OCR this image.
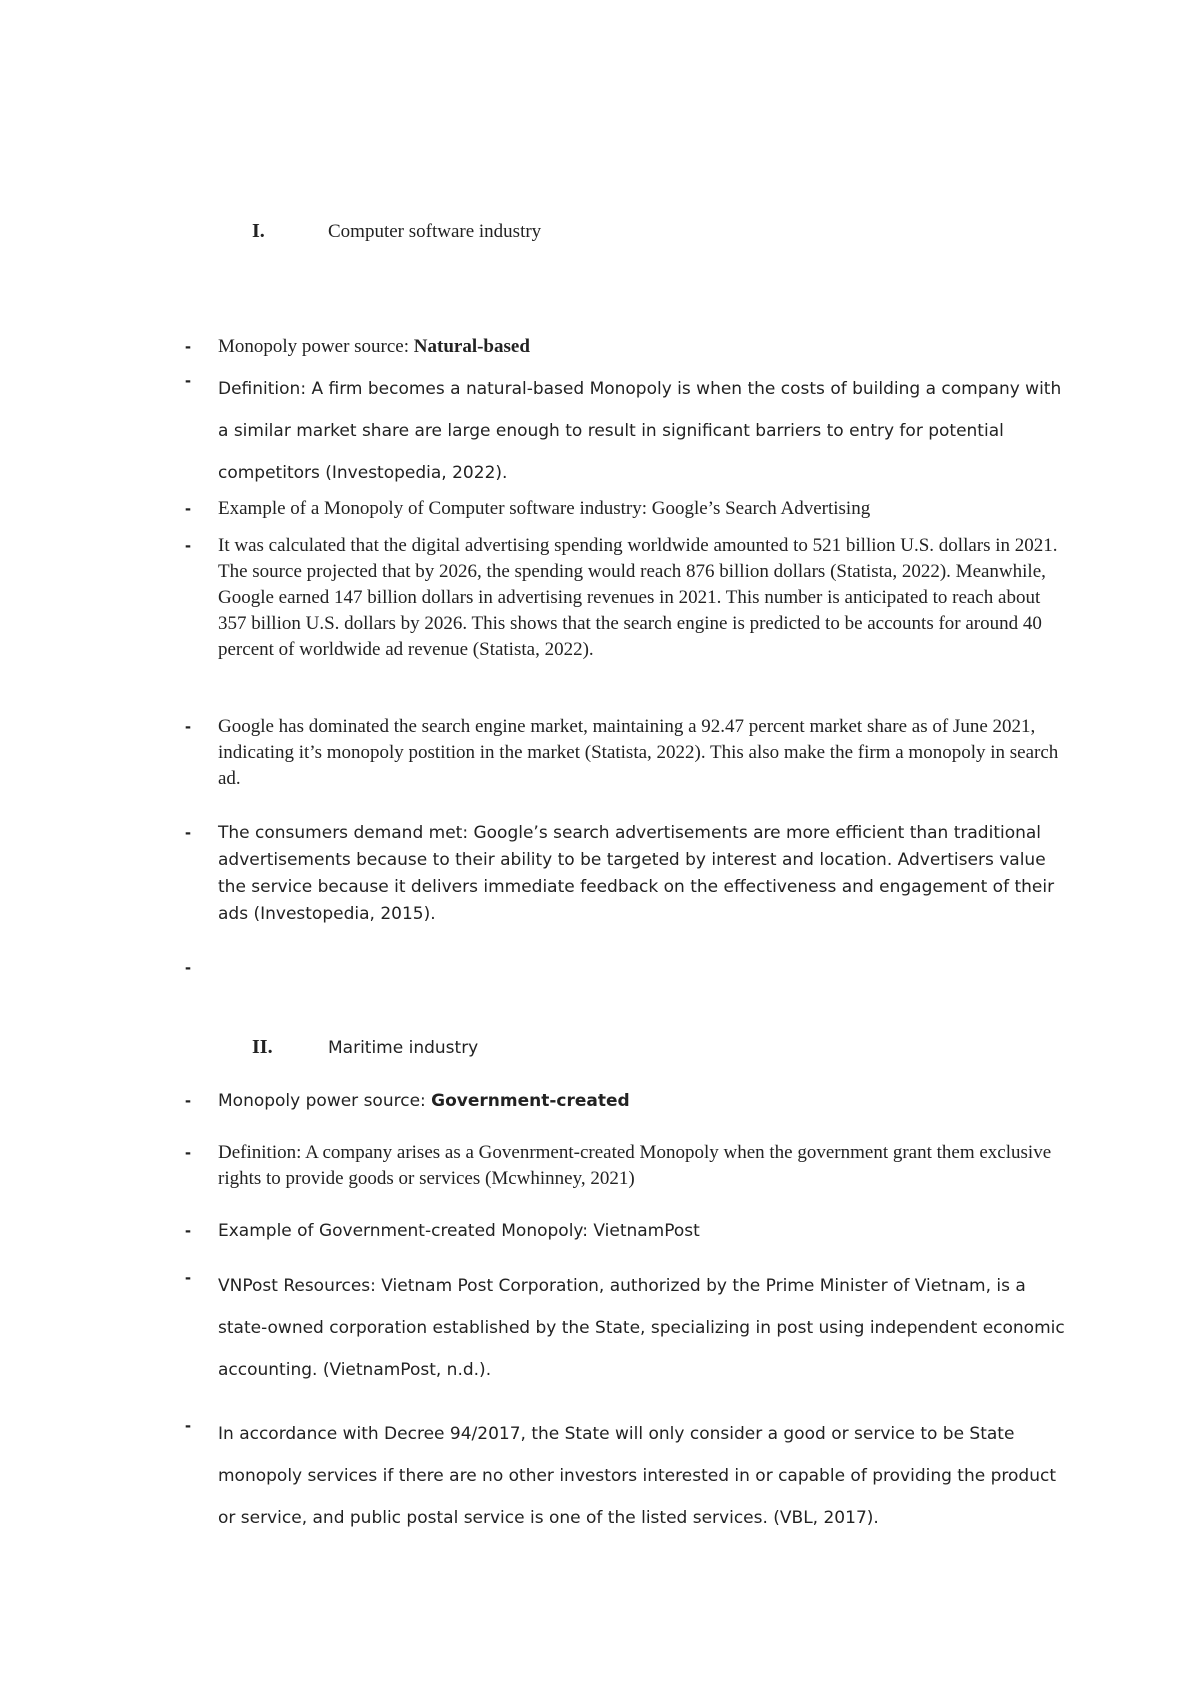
I.	Computer software industry
-	Monopoly power source: Natural-based
-	Definition: A firm becomes a natural-based Monopoly is when the costs of building a company with a similar market share are large enough to result in significant barriers to entry for potential competitors (Investopedia, 2022).
-	Example of a Monopoly of Computer software industry: Google’s Search Advertising
-	It was calculated that the digital advertising spending worldwide amounted to 521 billion U.S. dollars in 2021. The source projected that by 2026, the spending would reach 876 billion dollars (Statista, 2022). Meanwhile, Google earned 147 billion dollars in advertising revenues in 2021. This number is anticipated to reach about 357 billion U.S. dollars by 2026. This shows that the search engine is predicted to be accounts for around 40 percent of worldwide ad revenue (Statista, 2022).
-	Google has dominated the search engine market, maintaining a 92.47 percent market share as of June 2021, indicating it’s monopoly postition in the market (Statista, 2022). This also make the firm a monopoly in search ad.
-	The consumers demand met: Google’s search advertisements are more efficient than traditional advertisements because to their ability to be targeted by interest and location. Advertisers value the service because it delivers immediate feedback on the effectiveness and engagement of their ads (Investopedia, 2015).
-
II.	Maritime industry
-	Monopoly power source: Government-created
-	Definition: A company arises as a Govenrment-created Monopoly when the government grant them exclusive rights to provide goods or services (Mcwhinney, 2021)
-	Example of Government-created Monopoly: VietnamPost
-	VNPost Resources: Vietnam Post Corporation, authorized by the Prime Minister of Vietnam, is a state-owned corporation established by the State, specializing in post using independent economic accounting. (VietnamPost, n.d.).
-	In accordance with Decree 94/2017, the State will only consider a good or service to be State monopoly services if there are no other investors interested in or capable of providing the product or service, and public postal service is one of the listed services. (VBL, 2017).
